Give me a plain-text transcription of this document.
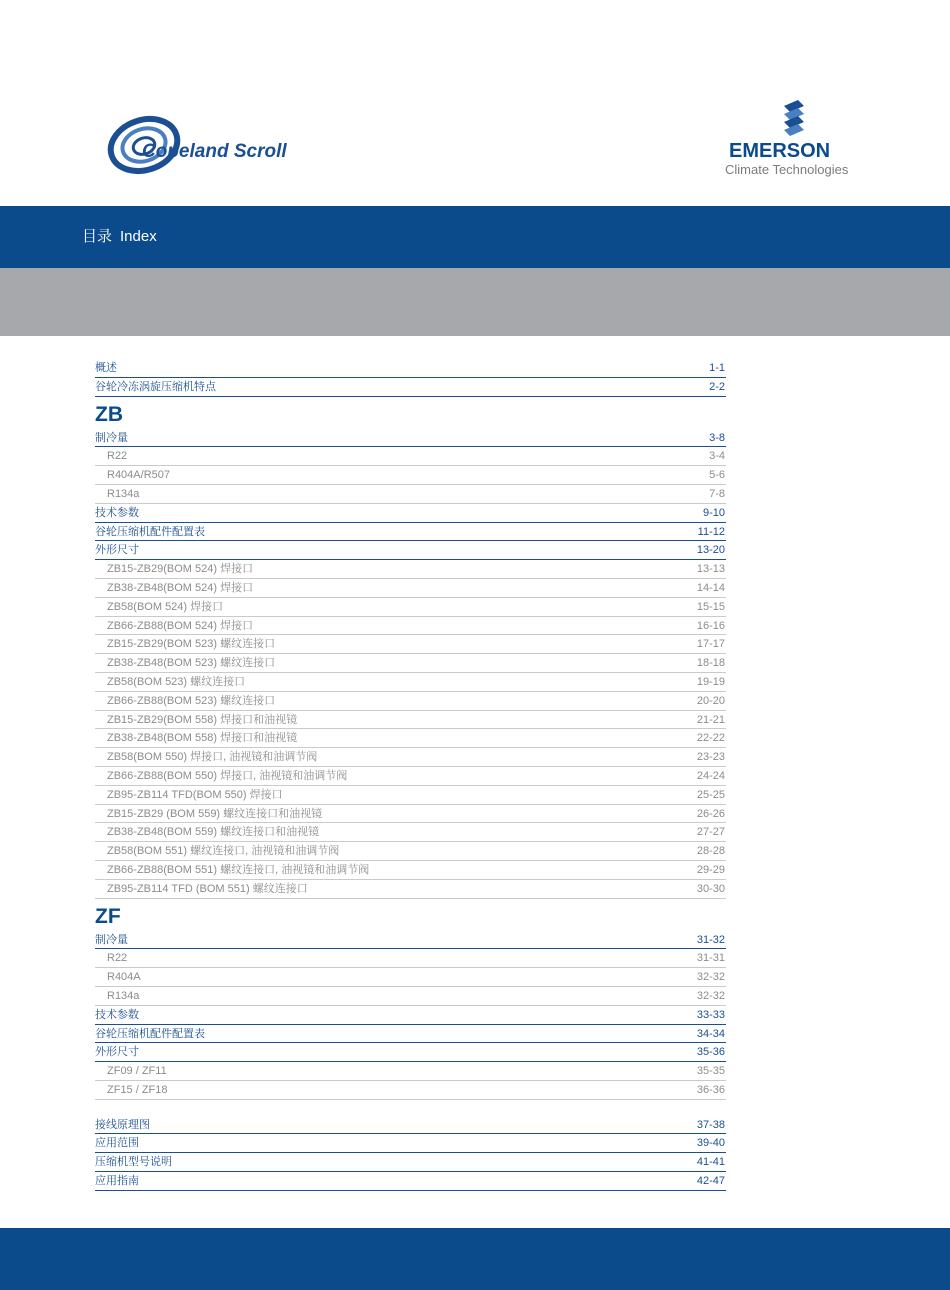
Copeland Scroll	EMERSON
Climate Technologies
目录 Index
概述	1-1
谷轮冷冻涡旋压缩机特点	2-2
ZB
制冷量	3-8
R22	3-4
R404A/R507	5-6
R134a	7-8
技术参数	9-10
谷轮压缩机配件配置表	11-12
外形尺寸	13-20
ZB15-ZB29(BOM 524) 焊接口	13-13
ZB38-ZB48(BOM 524) 焊接口	14-14
ZB58(BOM 524) 焊接口	15-15
ZB66-ZB88(BOM 524) 焊接口	16-16
ZB15-ZB29(BOM 523) 螺纹连接口	17-17
ZB38-ZB48(BOM 523) 螺纹连接口	18-18
ZB58(BOM 523) 螺纹连接口	19-19
ZB66-ZB88(BOM 523) 螺纹连接口	20-20
ZB15-ZB29(BOM 558) 焊接口和油视镜	21-21
ZB38-ZB48(BOM 558) 焊接口和油视镜	22-22
ZB58(BOM 550) 焊接口, 油视镜和油调节阀	23-23
ZB66-ZB88(BOM 550) 焊接口, 油视镜和油调节阀	24-24
ZB95-ZB114 TFD(BOM 550) 焊接口	25-25
ZB15-ZB29 (BOM 559) 螺纹连接口和油视镜	26-26
ZB38-ZB48(BOM 559) 螺纹连接口和油视镜	27-27
ZB58(BOM 551) 螺纹连接口, 油视镜和油调节阀	28-28
ZB66-ZB88(BOM 551) 螺纹连接口, 油视镜和油调节阀	29-29
ZB95-ZB114 TFD (BOM 551) 螺纹连接口	30-30
ZF
制冷量	31-32
R22	31-31
R404A	32-32
R134a	32-32
技术参数	33-33
谷轮压缩机配件配置表	34-34
外形尺寸	35-36
ZF09 / ZF11	35-35
ZF15 / ZF18	36-36
接线原理图	37-38
应用范围	39-40
压缩机型号说明	41-41
应用指南	42-47
